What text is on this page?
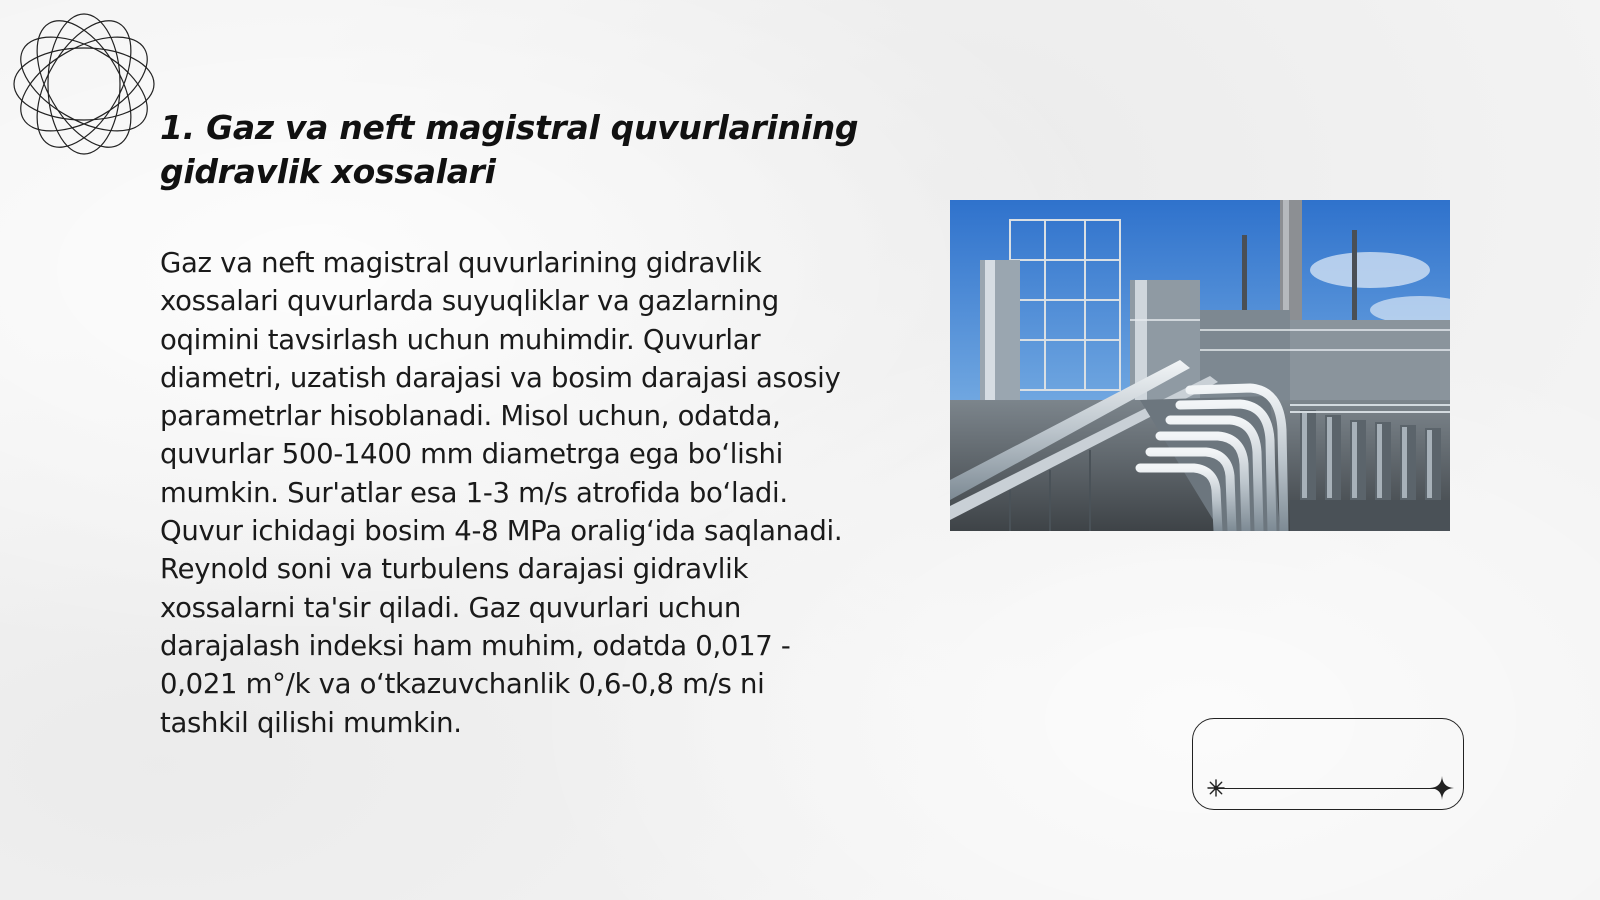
1. Gaz va neft magistral quvurlarining gidravlik xossalari

Gaz va neft magistral quvurlarining gidravlik xossalari quvurlarda suyuqliklar va gazlarning oqimini tavsirlash uchun muhimdir. Quvurlar diametri, uzatish darajasi va bosim darajasi asosiy parametrlar hisoblanadi. Misol uchun, odatda, quvurlar 500-1400 mm diametrga ega bo‘lishi mumkin. Sur'atlar esa 1-3 m/s atrofida bo‘ladi. Quvur ichidagi bosim 4-8 MPa oralig‘ida saqlanadi. Reynold soni va turbulens darajasi gidravlik xossalarni ta'sir qiladi. Gaz quvurlari uchun darajalash indeksi ham muhim, odatda 0,017 - 0,021 m°/k va o‘tkazuvchanlik 0,6-0,8 m/s ni tashkil qilishi mumkin.
